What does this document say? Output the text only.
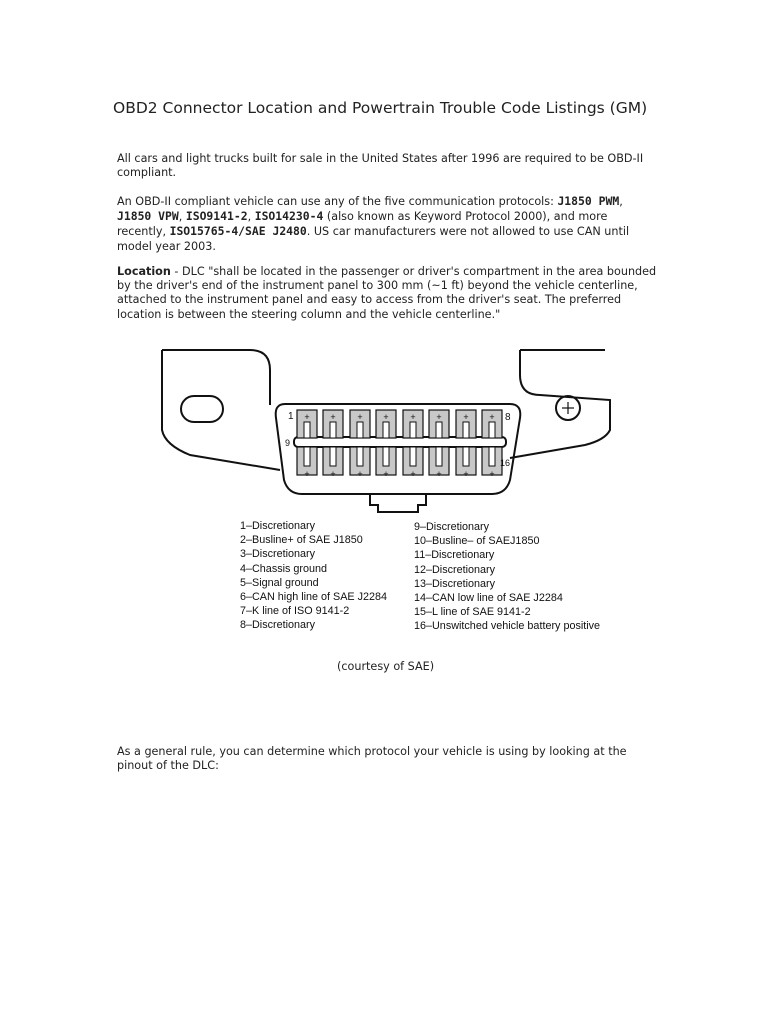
OBD2 Connector Location and Powertrain Trouble Code Listings (GM)
All cars and light trucks built for sale in the United States after 1996 are required to be OBD-II compliant.
An OBD-II compliant vehicle can use any of the five communication protocols: J1850 PWM, J1850 VPW, ISO9141-2, ISO14230-4 (also known as Keyword Protocol 2000), and more recently, ISO15765-4/SAE J2480. US car manufacturers were not allowed to use CAN until model year 2003.
Location - DLC "shall be located in the passenger or driver's compartment in the area bounded by the driver's end of the instrument panel to 300 mm (~1 ft) beyond the vehicle centerline, attached to the instrument panel and easy to access from the driver's seat. The preferred location is between the steering column and the vehicle centerline."
+ + + + + + + +
+ + + + + + + +
1	8
9
16
1–Discretionary
2–Busline+ of SAE J1850
3–Discretionary
4–Chassis ground
5–Signal ground
6–CAN high line of SAE J2284
7–K line of ISO 9141-2
8–Discretionary
9–Discretionary
10–Busline– of SAEJ1850
11–Discretionary
12–Discretionary
13–Discretionary
14–CAN low line of SAE J2284
15–L line of SAE 9141-2
16–Unswitched vehicle battery positive
(courtesy of SAE)
As a general rule, you can determine which protocol your vehicle is using by looking at the pinout of the DLC:
